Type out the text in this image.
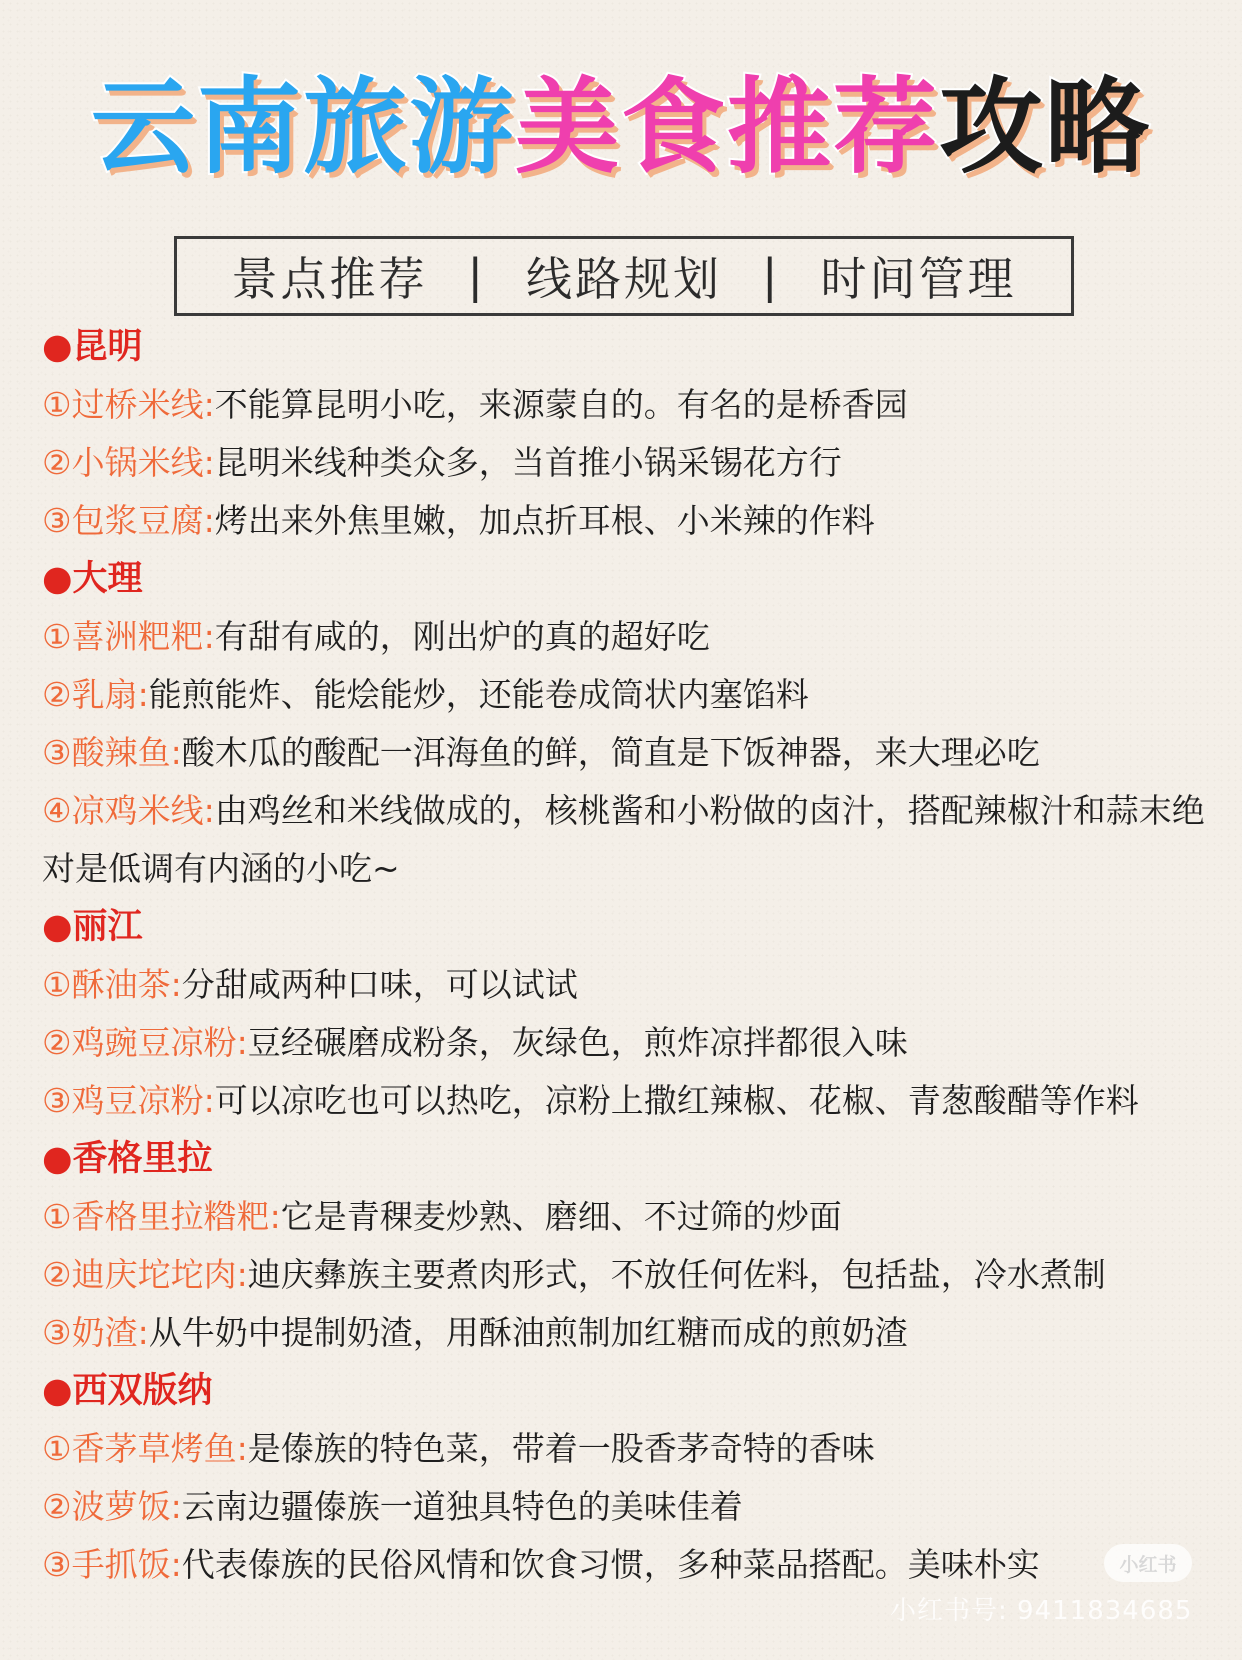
云南旅游美食推荐攻略
景点推荐 | 线路规划 | 时间管理
●昆明
①过桥米线:不能算昆明小吃，来源蒙自的。有名的是桥香园
②小锅米线:昆明米线种类众多，当首推小锅采锡花方行
③包浆豆腐:烤出来外焦里嫩，加点折耳根、小米辣的作料
●大理
①喜洲粑粑:有甜有咸的，刚出炉的真的超好吃
②乳扇:能煎能炸、能烩能炒，还能卷成筒状内塞馅料
③酸辣鱼:酸木瓜的酸配一洱海鱼的鲜，简直是下饭神器，来大理必吃
④凉鸡米线:由鸡丝和米线做成的，核桃酱和小粉做的卤汁，搭配辣椒汁和蒜末绝对是低调有内涵的小吃~
●丽江
①酥油茶:分甜咸两种口味，可以试试
②鸡豌豆凉粉:豆经碾磨成粉条，灰绿色，煎炸凉拌都很入味
③鸡豆凉粉:可以凉吃也可以热吃，凉粉上撒红辣椒、花椒、青葱酸醋等作料
●香格里拉
①香格里拉糌粑:它是青稞麦炒熟、磨细、不过筛的炒面
②迪庆坨坨肉:迪庆彝族主要煮肉形式，不放任何佐料，包括盐，冷水煮制
③奶渣:从牛奶中提制奶渣，用酥油煎制加红糖而成的煎奶渣
●西双版纳
①香茅草烤鱼:是傣族的特色菜，带着一股香茅奇特的香味
②波萝饭:云南边疆傣族一道独具特色的美味佳着
③手抓饭:代表傣族的民俗风情和饮食习惯，多种菜品搭配。美味朴实	小红书
小红书号: 9411834685
